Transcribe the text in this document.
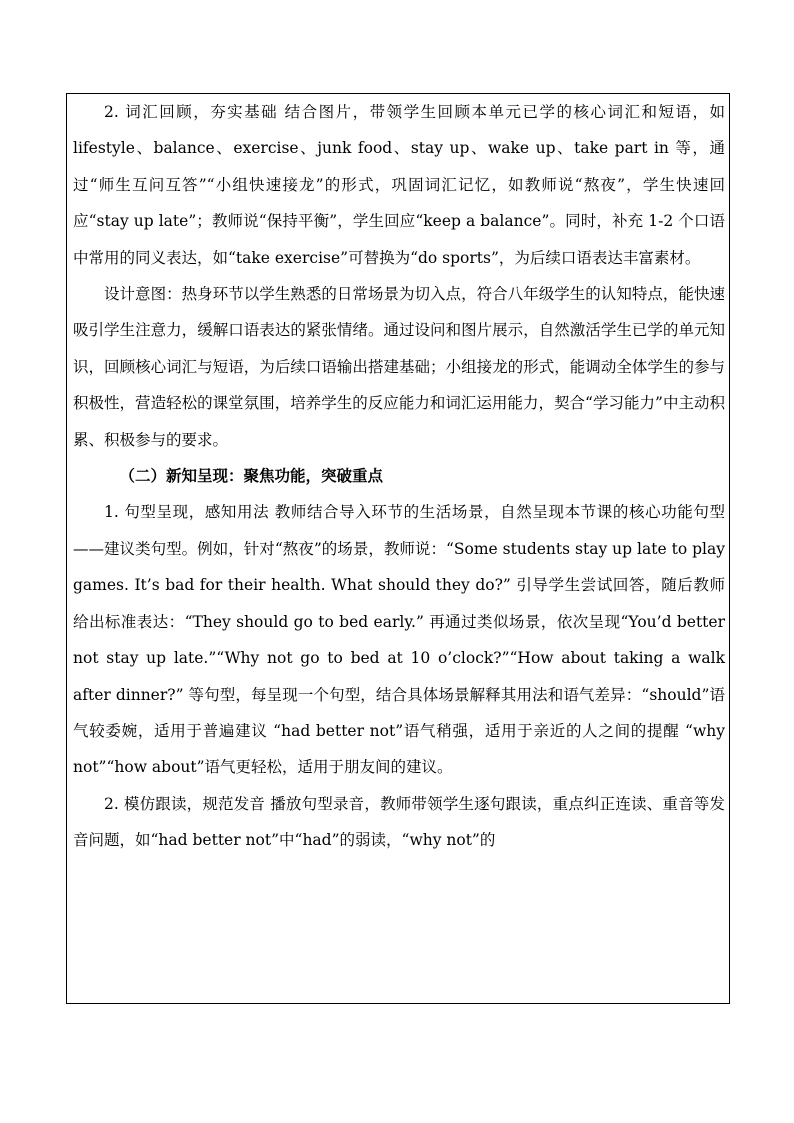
2. 词汇回顾，夯实基础 结合图片，带领学生回顾本单元已学的核心词汇和短语，如 lifestyle、balance、exercise、junk food、stay up、wake up、take part in 等，通过“师生互问互答”“小组快速接龙”的形式，巩固词汇记忆，如教师说“熬夜”，学生快速回应“stay up late”；教师说“保持平衡”，学生回应“keep a balance”。同时，补充 1-2 个口语中常用的同义表达，如“take exercise”可替换为“do sports”，为后续口语表达丰富素材。

设计意图：热身环节以学生熟悉的日常场景为切入点，符合八年级学生的认知特点，能快速吸引学生注意力，缓解口语表达的紧张情绪。通过设问和图片展示，自然激活学生已学的单元知识，回顾核心词汇与短语，为后续口语输出搭建基础；小组接龙的形式，能调动全体学生的参与积极性，营造轻松的课堂氛围，培养学生的反应能力和词汇运用能力，契合“学习能力”中主动积累、积极参与的要求。

（二）新知呈现：聚焦功能，突破重点

1. 句型呈现，感知用法 教师结合导入环节的生活场景，自然呈现本节课的核心功能句型——建议类句型。例如，针对“熬夜”的场景，教师说：“Some students stay up late to play games. It’s bad for their health. What should they do?” 引导学生尝试回答，随后教师给出标准表达：“They should go to bed early.” 再通过类似场景，依次呈现“You’d better not stay up late.”“Why not go to bed at 10 o’clock?”“How about taking a walk after dinner?” 等句型，每呈现一个句型，结合具体场景解释其用法和语气差异：“should”语气较委婉，适用于普遍建议 “had better not”语气稍强，适用于亲近的人之间的提醒 “why not”“how about”语气更轻松，适用于朋友间的建议。

2. 模仿跟读，规范发音 播放句型录音，教师带领学生逐句跟读，重点纠正连读、重音等发音问题，如“had better not”中“had”的弱读，“why not”的
